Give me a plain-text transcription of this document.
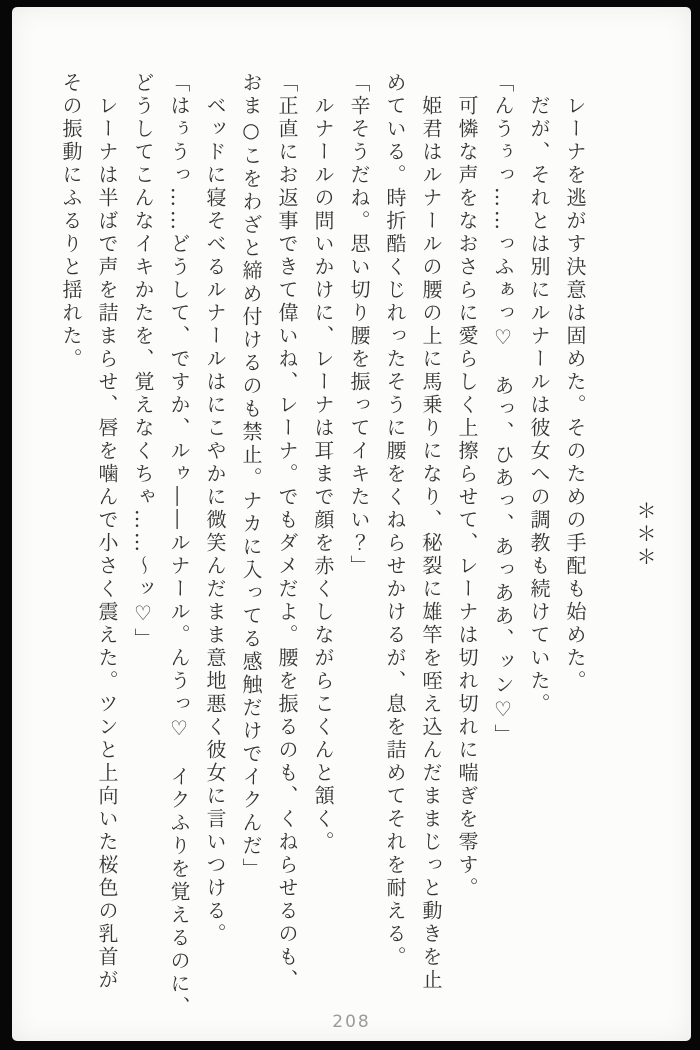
＊＊＊
　レーナを逃がす決意は固めた。そのための手配も始めた。
　だが、それとは別にルナールは彼女への調教も続けていた。
「んうぅっ……っふぁっ♡　あっ、ひあっ、あっああ、ッン♡」
　可憐な声をなおさらに愛らしく上擦らせて、レーナは切れ切れに喘ぎを零す。
　姫君はルナールの腰の上に馬乗りになり、秘裂に雄竿を咥え込んだままじっと動きを止
めている。時折酷くじれったそうに腰をくねらせかけるが、息を詰めてそれを耐える。
「辛そうだね。思い切り腰を振ってイキたい？」
　ルナールの問いかけに、レーナは耳まで顔を赤くしながらこくんと頷く。
「正直にお返事できて偉いね、レーナ。でもダメだよ。腰を振るのも、くねらせるのも、
おま○こをわざと締め付けるのも禁止。ナカに入ってる感触だけでイクんだ」
　ベッドに寝そべるルナールはにこやかに微笑んだまま意地悪く彼女に言いつける。
「はぅうっ……どうして、ですか、ルゥ――ルナール。んうっ♡　イクふりを覚えるのに、
どうしてこんなイキかたを、覚えなくちゃ……〜ッ♡」
　レーナは半ばで声を詰まらせ、唇を噛んで小さく震えた。ツンと上向いた桜色の乳首が
その振動にふるりと揺れた。
208
